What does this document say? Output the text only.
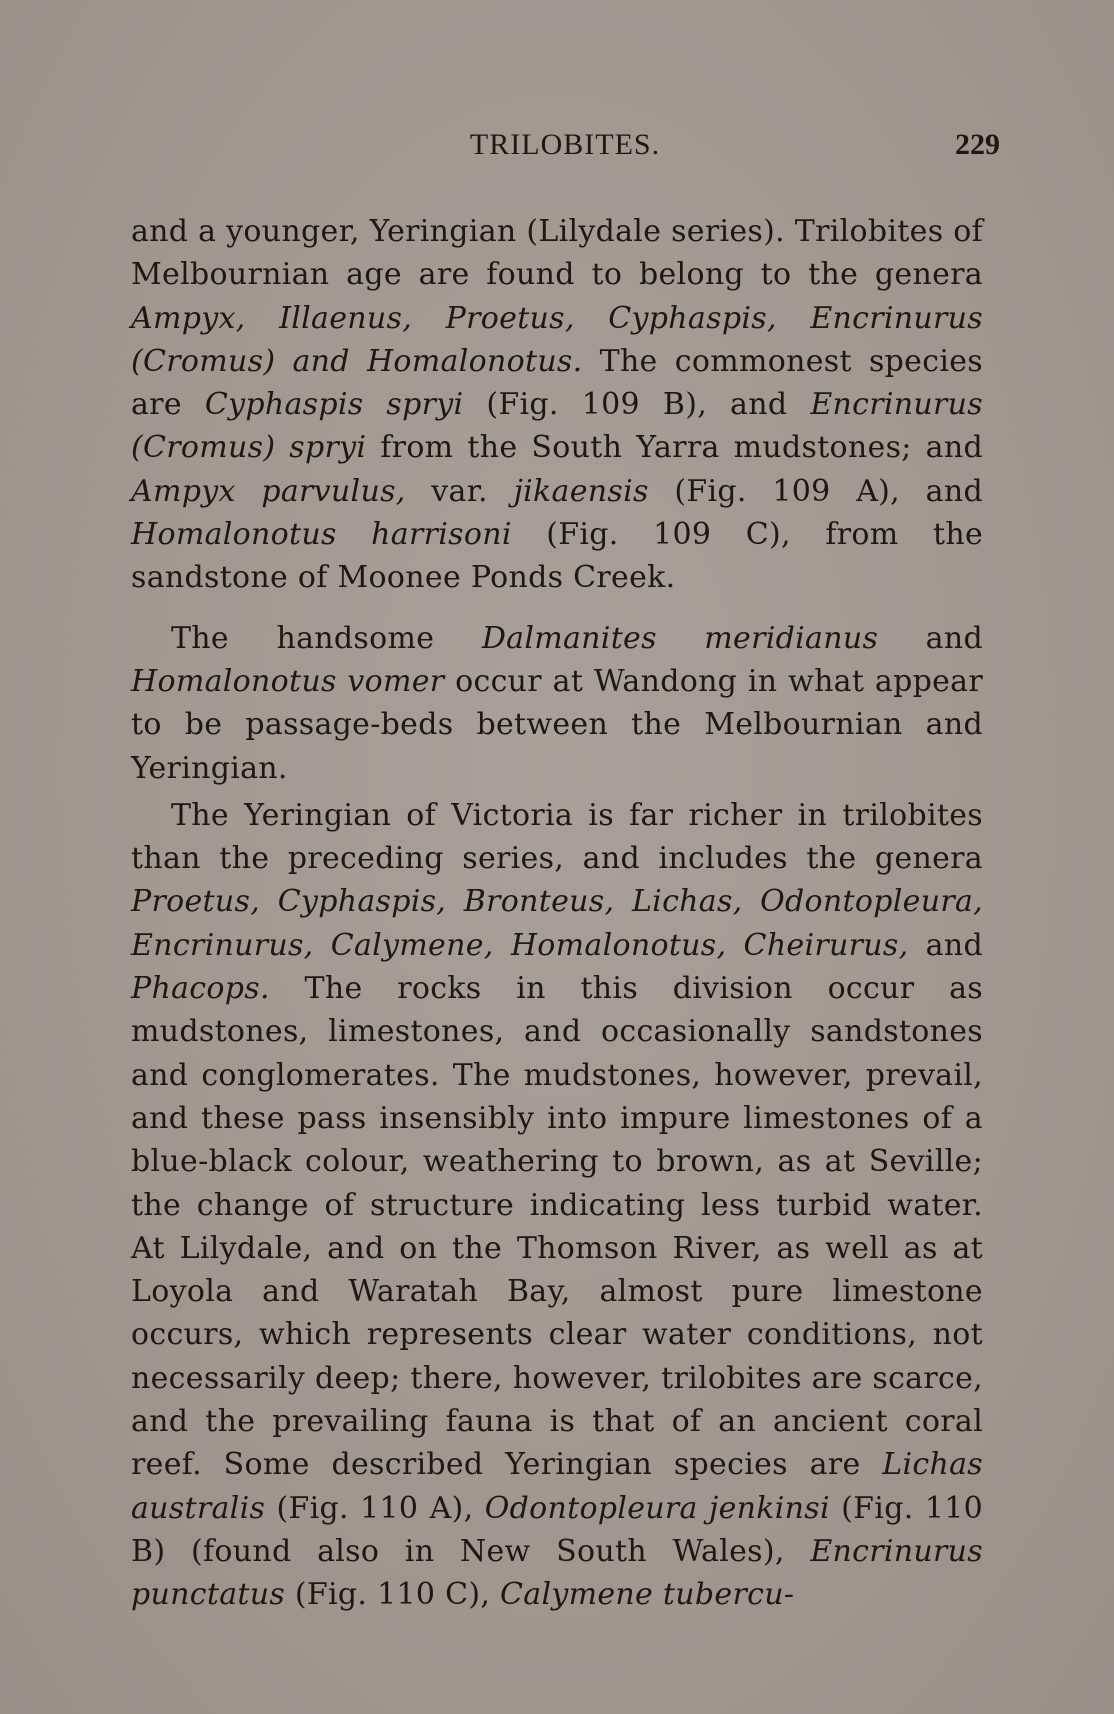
TRILOBITES.	229

and a younger, Yeringian (Lilydale series). Trilobites of Melbournian age are found to belong to the genera Ampyx, Illaenus, Proetus, Cyphaspis, Encrinurus (Cromus) and Homalonotus. The commonest species are Cyphaspis spryi (Fig. 109 B), and Encrinurus (Cromus) spryi from the South Yarra mudstones; and Ampyx parvulus, var. jikaensis (Fig. 109 A), and Homalonotus harrisoni (Fig. 109 C), from the sandstone of Moonee Ponds Creek.

The handsome Dalmanites meridianus and Homalonotus vomer occur at Wandong in what appear to be passage-beds between the Melbournian and Yeringian.

The Yeringian of Victoria is far richer in trilobites than the preceding series, and includes the genera Proetus, Cyphaspis, Bronteus, Lichas, Odontopleura, Encrinurus, Calymene, Homalonotus, Cheirurus, and Phacops. The rocks in this division occur as mudstones, limestones, and occasionally sandstones and conglomerates. The mudstones, however, prevail, and these pass insensibly into impure limestones of a blue-black colour, weathering to brown, as at Seville; the change of structure indicating less turbid water. At Lilydale, and on the Thomson River, as well as at Loyola and Waratah Bay, almost pure limestone occurs, which represents clear water conditions, not necessarily deep; there, however, trilobites are scarce, and the prevailing fauna is that of an ancient coral reef. Some described Yeringian species are Lichas australis (Fig. 110 A), Odontopleura jenkinsi (Fig. 110 B) (found also in New South Wales), Encrinurus punctatus (Fig. 110 C), Calymene tubercu-
